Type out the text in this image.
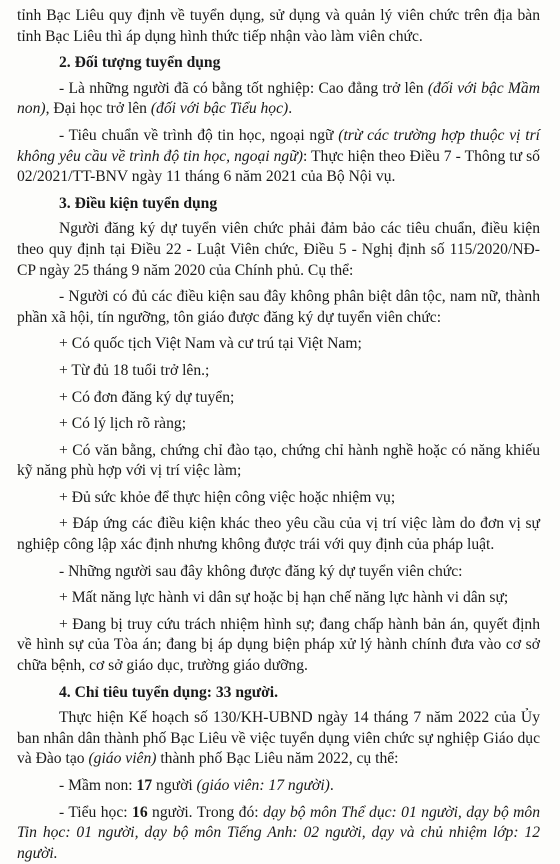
tỉnh Bạc Liêu quy định về tuyển dụng, sử dụng và quản lý viên chức trên địa bàn tỉnh Bạc Liêu thì áp dụng hình thức tiếp nhận vào làm viên chức.

2. Đối tượng tuyển dụng

- Là những người đã có bằng tốt nghiệp: Cao đẳng trở lên (đối với bậc Mầm non), Đại học trở lên (đối với bậc Tiểu học).

- Tiêu chuẩn về trình độ tin học, ngoại ngữ (trừ các trường hợp thuộc vị trí không yêu cầu về trình độ tin học, ngoại ngữ): Thực hiện theo Điều 7 - Thông tư số 02/2021/TT-BNV ngày 11 tháng 6 năm 2021 của Bộ Nội vụ.

3. Điều kiện tuyển dụng

Người đăng ký dự tuyển viên chức phải đảm bảo các tiêu chuẩn, điều kiện theo quy định tại Điều 22 - Luật Viên chức, Điều 5 - Nghị định số 115/2020/NĐ-CP ngày 25 tháng 9 năm 2020 của Chính phủ. Cụ thể:

- Người có đủ các điều kiện sau đây không phân biệt dân tộc, nam nữ, thành phần xã hội, tín ngưỡng, tôn giáo được đăng ký dự tuyển viên chức:

+ Có quốc tịch Việt Nam và cư trú tại Việt Nam;

+ Từ đủ 18 tuổi trở lên.;

+ Có đơn đăng ký dự tuyển;

+ Có lý lịch rõ ràng;

+ Có văn bằng, chứng chỉ đào tạo, chứng chỉ hành nghề hoặc có năng khiếu kỹ năng phù hợp với vị trí việc làm;

+ Đủ sức khỏe để thực hiện công việc hoặc nhiệm vụ;

+ Đáp ứng các điều kiện khác theo yêu cầu của vị trí việc làm do đơn vị sự nghiệp công lập xác định nhưng không được trái với quy định của pháp luật.

- Những người sau đây không được đăng ký dự tuyển viên chức:

+ Mất năng lực hành vi dân sự hoặc bị hạn chế năng lực hành vi dân sự;

+ Đang bị truy cứu trách nhiệm hình sự; đang chấp hành bản án, quyết định về hình sự của Tòa án; đang bị áp dụng biện pháp xử lý hành chính đưa vào cơ sở chữa bệnh, cơ sở giáo dục, trường giáo dưỡng.

4. Chỉ tiêu tuyển dụng: 33 người.

Thực hiện Kế hoạch số 130/KH-UBND ngày 14 tháng 7 năm 2022 của Ủy ban nhân dân thành phố Bạc Liêu về việc tuyển dụng viên chức sự nghiệp Giáo dục và Đào tạo (giáo viên) thành phố Bạc Liêu năm 2022, cụ thể:

- Mầm non: 17 người (giáo viên: 17 người).

- Tiểu học: 16 người. Trong đó: dạy bộ môn Thể dục: 01 người, dạy bộ môn Tin học: 01 người, dạy bộ môn Tiếng Anh: 02 người, dạy và chủ nhiệm lớp: 12 người.
